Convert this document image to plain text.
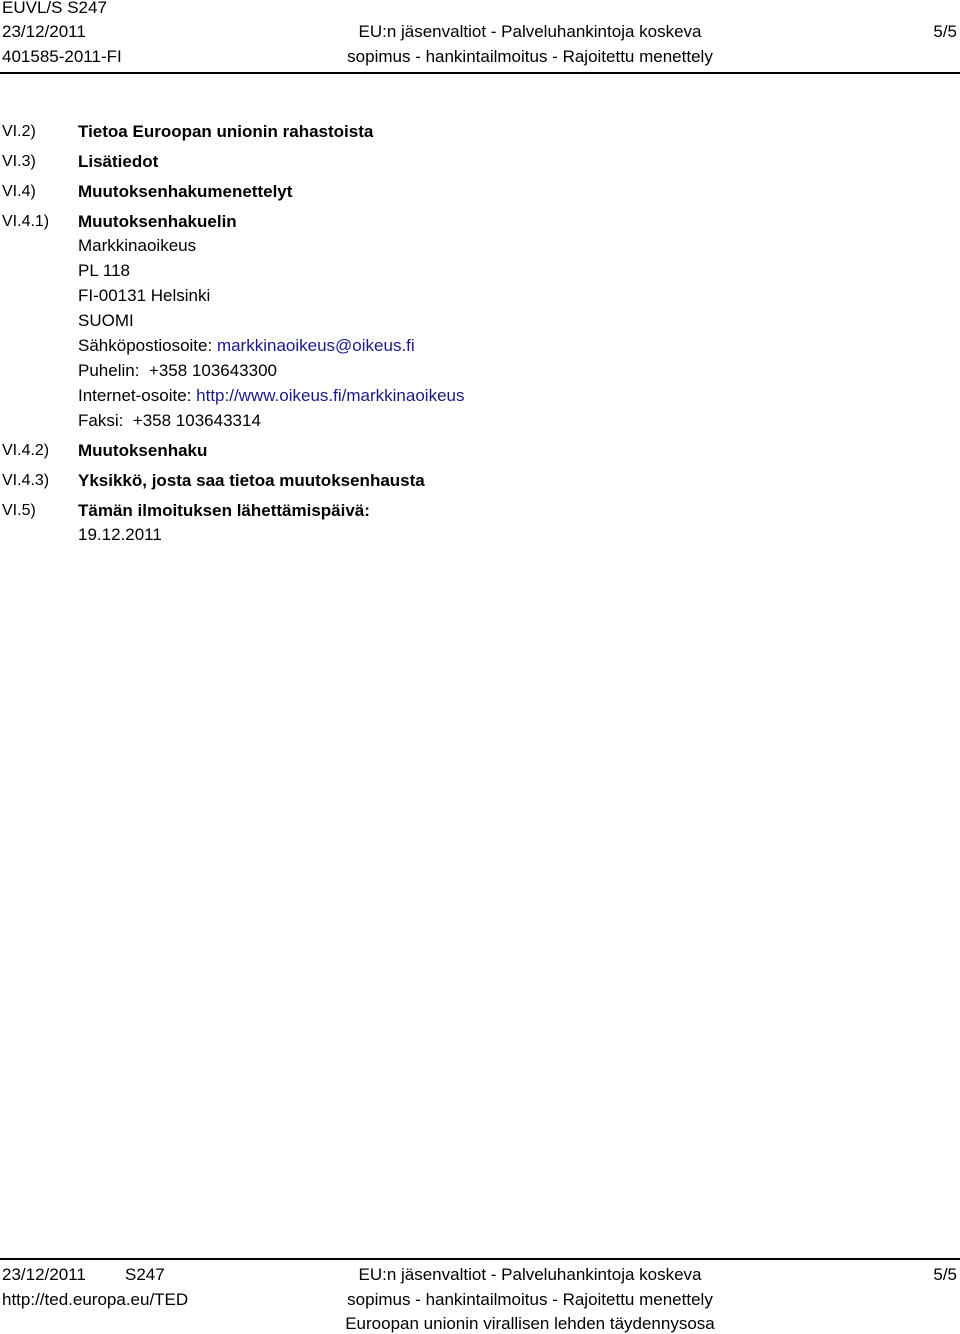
EUVL/S S247
23/12/2011
401585-2011-FI
EU:n jäsenvaltiot - Palveluhankintoja koskeva
sopimus - hankintailmoitus - Rajoitettu menettely
5/5
VI.2) Tietoa Euroopan unionin rahastoista
VI.3) Lisätiedot
VI.4) Muutoksenhakumenettelyt
VI.4.1) Muutoksenhakuelin
Markkinaoikeus
PL 118
FI-00131 Helsinki
SUOMI
Sähköpostiosoite: markkinaoikeus@oikeus.fi
Puhelin: +358 103643300
Internet-osoite: http://www.oikeus.fi/markkinaoikeus
Faksi: +358 103643314
VI.4.2) Muutoksenhaku
VI.4.3) Yksikkö, josta saa tietoa muutoksenhausta
VI.5) Tämän ilmoituksen lähettämispäivä:
19.12.2011
23/12/2011 S247
http://ted.europa.eu/TED
EU:n jäsenvaltiot - Palveluhankintoja koskeva
sopimus - hankintailmoitus - Rajoitettu menettely
Euroopan unionin virallisen lehden täydennysosa
5/5
